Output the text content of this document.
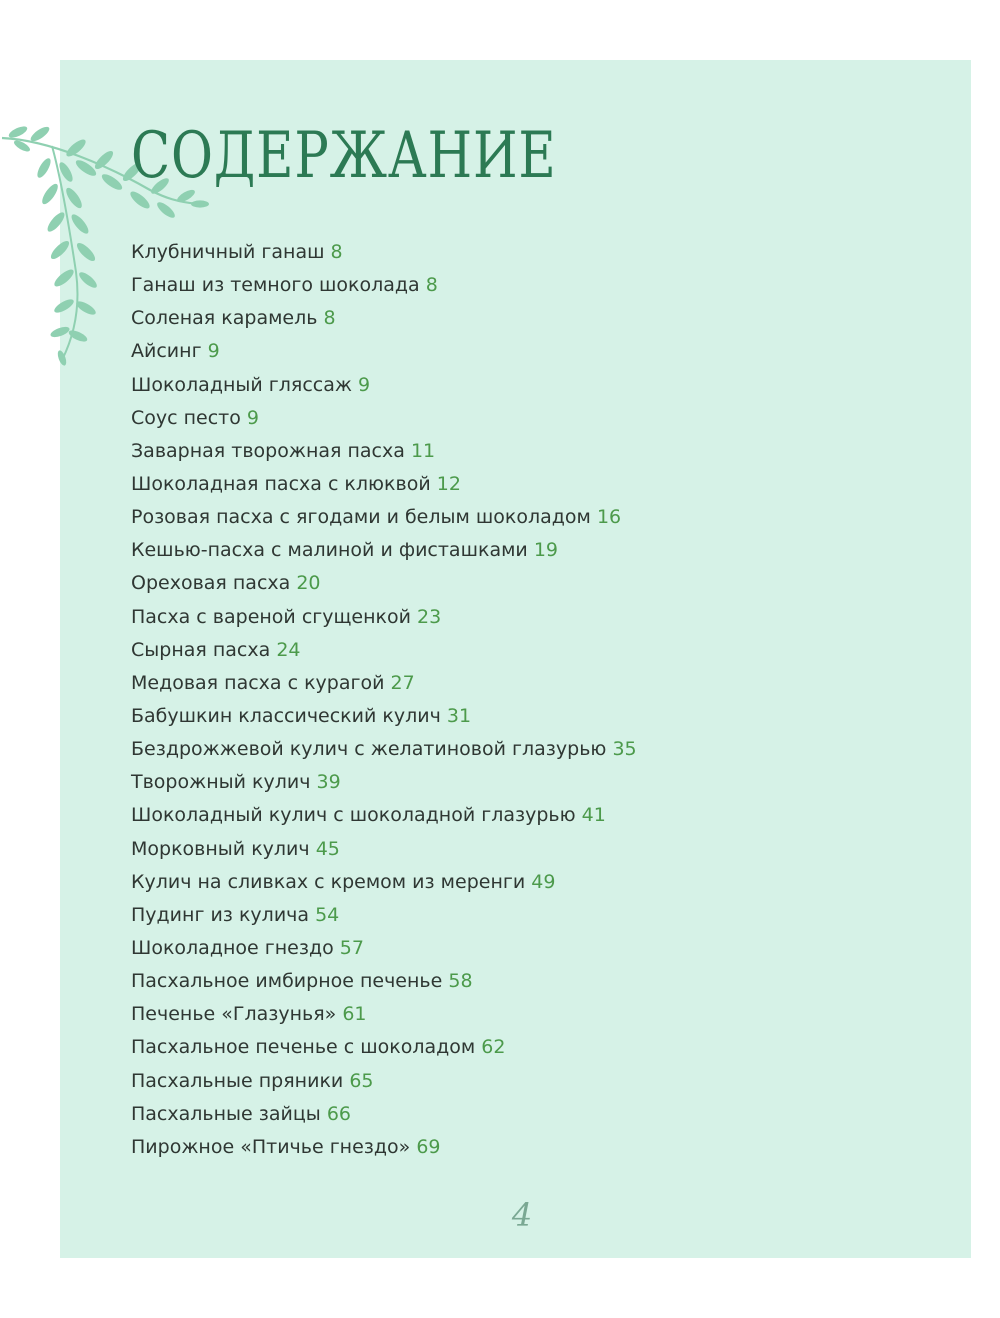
СОДЕРЖАНИЕ
Клубничный ганаш 8
Ганаш из темного шоколада 8
Соленая карамель 8
Айсинг 9
Шоколадный глясcаж 9
Соус песто 9
Заварная творожная пасха 11
Шоколадная пасха с клюквой 12
Розовая пасха с ягодами и белым шоколадом 16
Кешью-пасха с малиной и фисташками 19
Ореховая пасха 20
Пасха с вареной сгущенкой 23
Сырная пасха 24
Медовая пасха с курагой 27
Бабушкин классический кулич 31
Бездрожжевой кулич с желатиновой глазурью 35
Творожный кулич 39
Шоколадный кулич с шоколадной глазурью 41
Морковный кулич 45
Кулич на сливках с кремом из меренги 49
Пудинг из кулича 54
Шоколадное гнездо 57
Пасхальное имбирное печенье 58
Печенье «Глазунья» 61
Пасхальное печенье с шоколадом 62
Пасхальные пряники 65
Пасхальные зайцы 66
Пирожное «Птичье гнездо» 69
4
